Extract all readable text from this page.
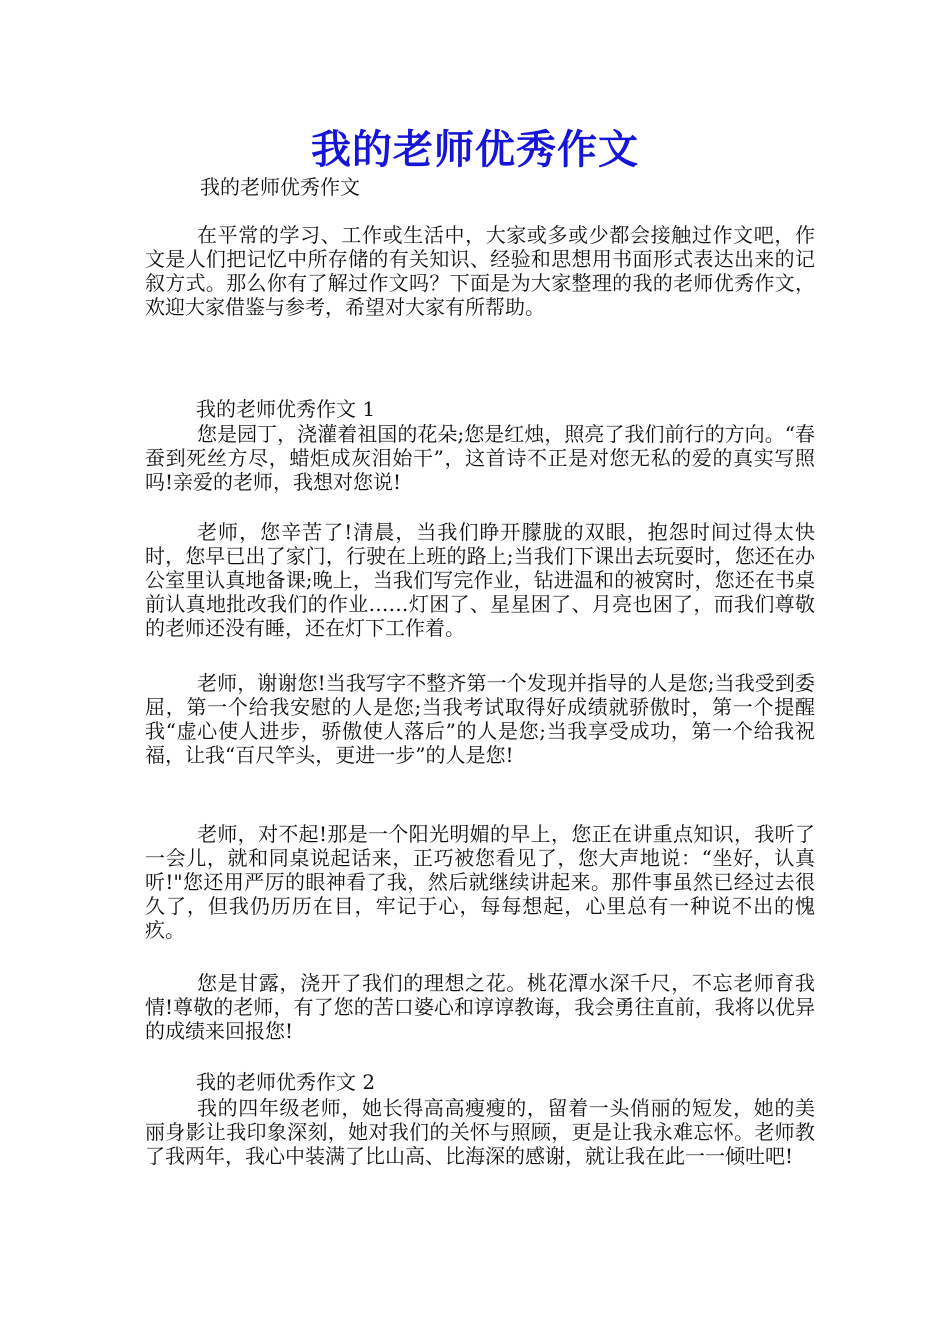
我的老师优秀作文
我的老师优秀作文

在平常的学习、工作或生活中，大家或多或少都会接触过作文吧，作文是人们把记忆中所存储的有关知识、经验和思想用书面形式表达出来的记叙方式。那么你有了解过作文吗？下面是为大家整理的我的老师优秀作文，欢迎大家借鉴与参考，希望对大家有所帮助。

我的老师优秀作文 1

您是园丁，浇灌着祖国的花朵;您是红烛，照亮了我们前行的方向。“春蚕到死丝方尽，蜡炬成灰泪始干”，这首诗不正是对您无私的爱的真实写照吗!亲爱的老师，我想对您说!

老师，您辛苦了!清晨，当我们睁开朦胧的双眼，抱怨时间过得太快时，您早已出了家门，行驶在上班的路上;当我们下课出去玩耍时，您还在办公室里认真地备课;晚上，当我们写完作业，钻进温和的被窝时，您还在书桌前认真地批改我们的作业……灯困了、星星困了、月亮也困了，而我们尊敬的老师还没有睡，还在灯下工作着。

老师，谢谢您!当我写字不整齐第一个发现并指导的人是您;当我受到委屈，第一个给我安慰的人是您;当我考试取得好成绩就骄傲时，第一个提醒我“虚心使人进步，骄傲使人落后”的人是您;当我享受成功，第一个给我祝福，让我“百尺竿头，更进一步”的人是您!

老师，对不起!那是一个阳光明媚的早上，您正在讲重点知识，我听了一会儿，就和同桌说起话来，正巧被您看见了，您大声地说：“坐好，认真听!"您还用严厉的眼神看了我，然后就继续讲起来。那件事虽然已经过去很久了，但我仍历历在目，牢记于心，每每想起，心里总有一种说不出的愧疚。

您是甘露，浇开了我们的理想之花。桃花潭水深千尺，不忘老师育我情!尊敬的老师，有了您的苦口婆心和谆谆教诲，我会勇往直前，我将以优异的成绩来回报您!

我的老师优秀作文 2

我的四年级老师，她长得高高瘦瘦的，留着一头俏丽的短发，她的美丽身影让我印象深刻，她对我们的关怀与照顾，更是让我永难忘怀。老师教了我两年，我心中装满了比山高、比海深的感谢，就让我在此一一倾吐吧!
